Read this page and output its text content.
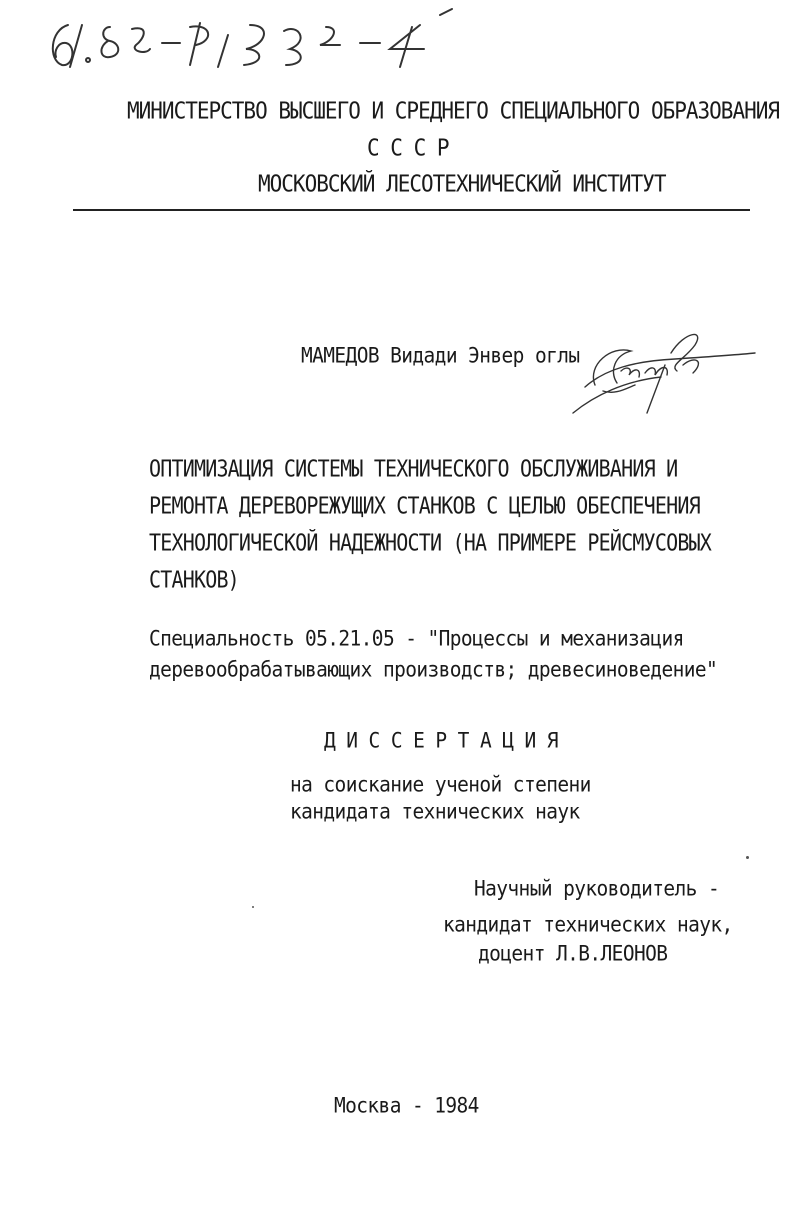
МИНИСТЕРСТВО ВЫСШЕГО И СРЕДНЕГО СПЕЦИАЛЬНОГО ОБРАЗОВАНИЯ
С С С Р
МОСКОВСКИЙ ЛЕСОТЕХНИЧЕСКИЙ ИНСТИТУТ
МАМЕДОВ Видади Энвер оглы
ОПТИМИЗАЦИЯ СИСТЕМЫ ТЕХНИЧЕСКОГО ОБСЛУЖИВАНИЯ И
РЕМОНТА ДЕРЕВОРЕЖУЩИХ СТАНКОВ С ЦЕЛЬЮ ОБЕСПЕЧЕНИЯ
ТЕХНОЛОГИЧЕСКОЙ НАДЕЖНОСТИ (НА ПРИМЕРЕ РЕЙСМУСОВЫХ
СТАНКОВ)
Специальность 05.21.05 - "Процессы и механизация
деревообрабатывающих производств; древесиноведение"
Д И С С Е Р Т А Ц И Я
на соискание ученой степени
кандидата технических наук
Научный руководитель -
кандидат технических наук,
доцент Л.В.ЛЕОНОВ
Москва - 1984
